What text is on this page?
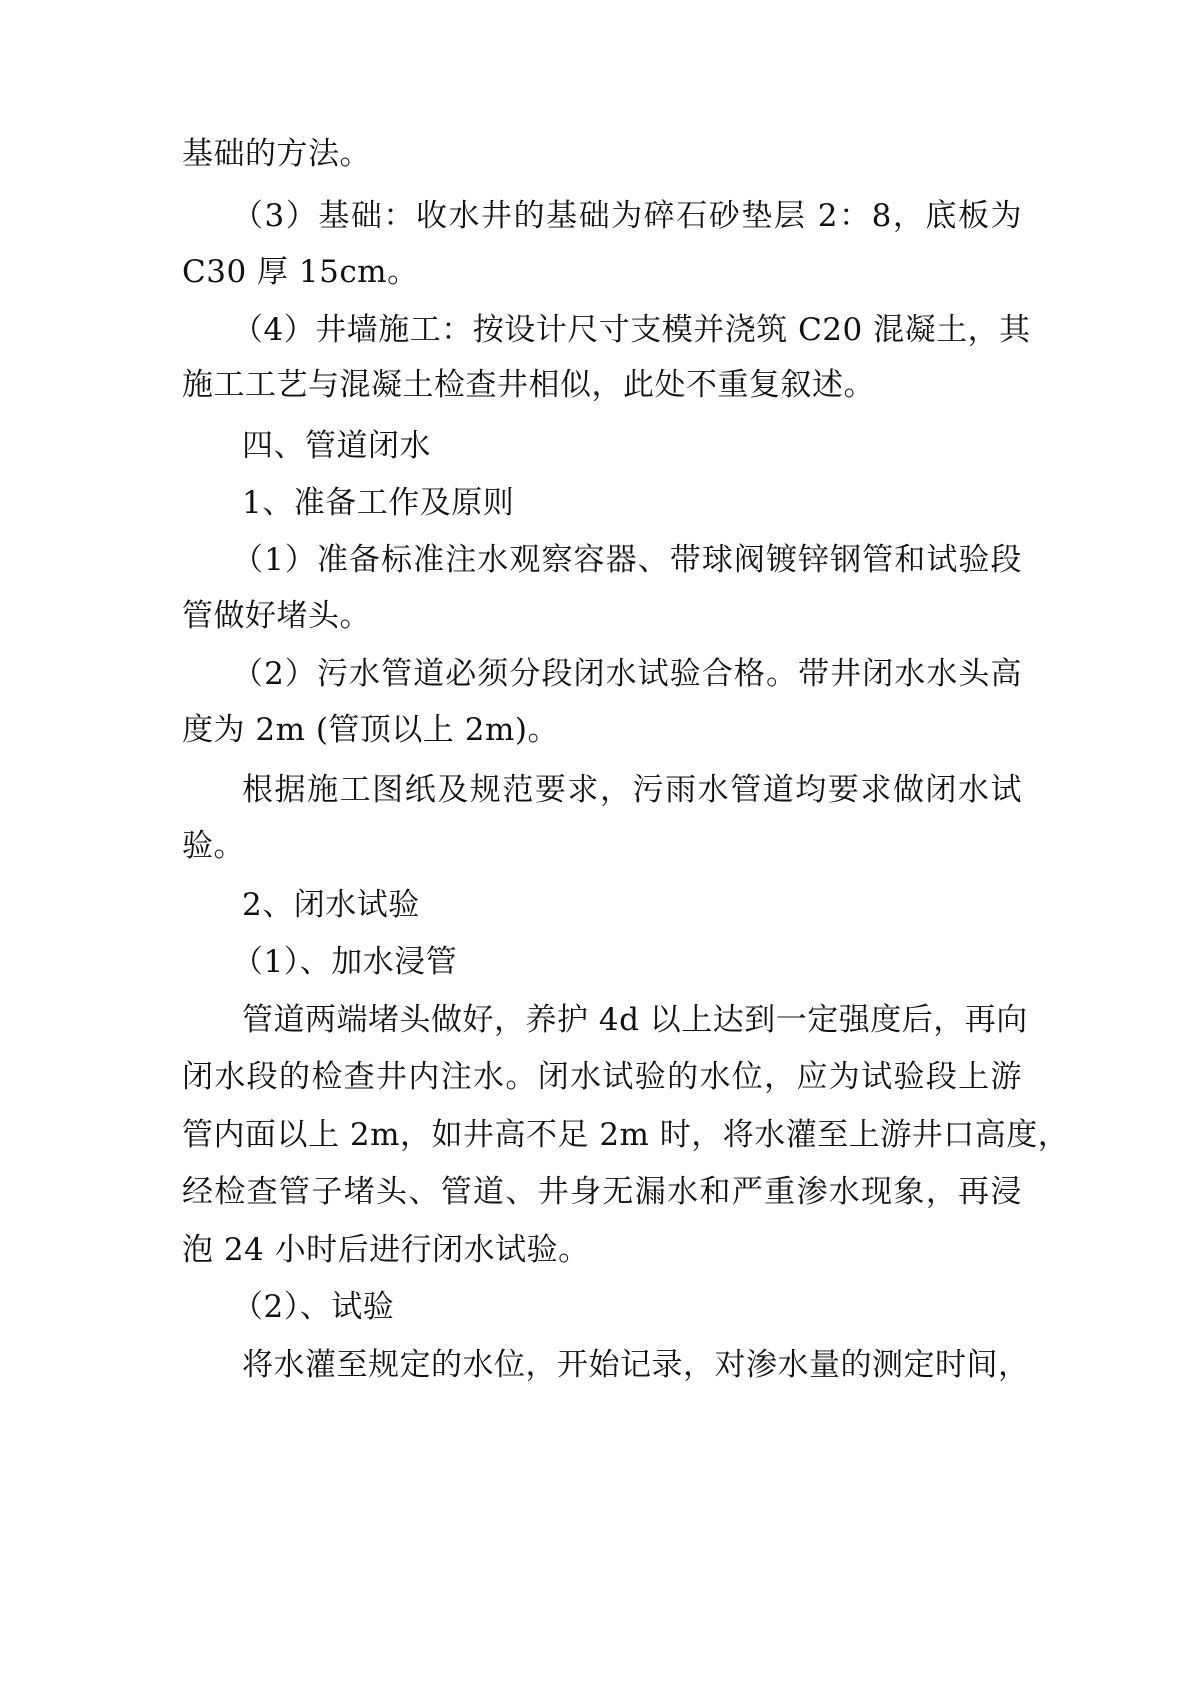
基础的方法。

（3）基础：收水井的基础为碎石砂垫层 2：8，底板为

C30 厚 15cm。

（4）井墙施工：按设计尺寸支模并浇筑 C20 混凝土，其

施工工艺与混凝土检查井相似，此处不重复叙述。

四、管道闭水

1、准备工作及原则

（1）准备标准注水观察容器、带球阀镀锌钢管和试验段

管做好堵头。

（2）污水管道必须分段闭水试验合格。带井闭水水头高

度为 2m (管顶以上 2m)。

根据施工图纸及规范要求，污雨水管道均要求做闭水试

验。

2、闭水试验

（1）、加水浸管

管道两端堵头做好，养护 4d 以上达到一定强度后，再向

闭水段的检查井内注水。闭水试验的水位，应为试验段上游

管内面以上 2m，如井高不足 2m 时，将水灌至上游井口高度，

经检查管子堵头、管道、井身无漏水和严重渗水现象，再浸

泡 24 小时后进行闭水试验。

（2）、试验

将水灌至规定的水位，开始记录，对渗水量的测定时间，
